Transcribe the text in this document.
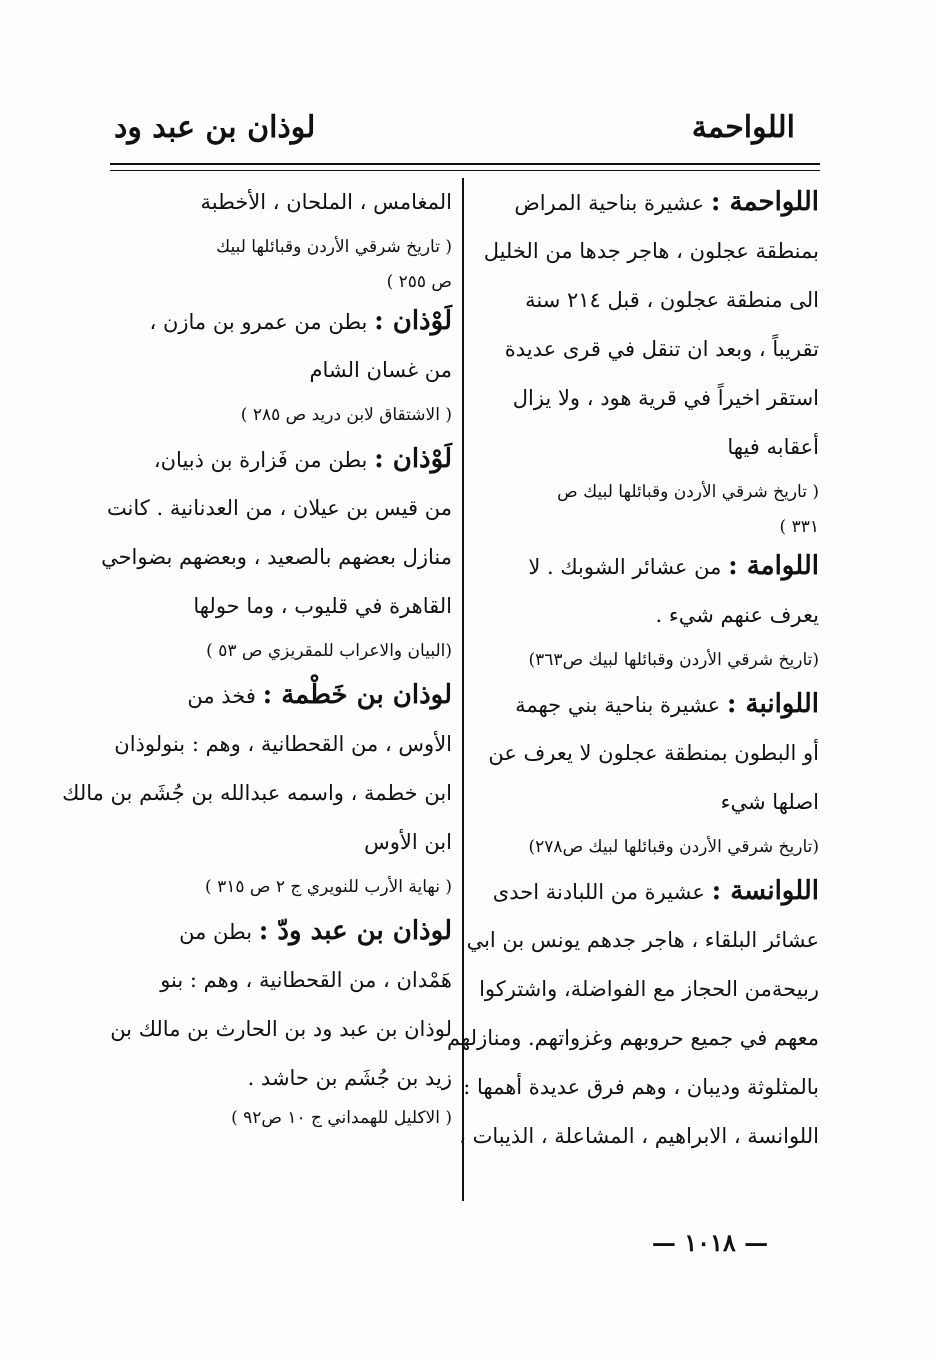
اللواحمة
لوذان بن عبد ود
اللواحمة : عشيرة بناحية المراض
بمنطقة عجلون ، هاجر جدها من الخليل
الى منطقة عجلون ، قبل ٢١٤ سنة
تقريباً ، وبعد ان تنقل في قرى عديدة
استقر اخيراً في قرية هود ، ولا يزال
أعقابه فيها
( تاريخ شرقي الأردن وقبائلها لبيك ص
٣٣١ )
اللوامة : من عشائر الشوبك . لا
يعرف عنهم شيء .
(تاريخ شرقي الأردن وقبائلها لبيك ص٣٦٣)
اللوانبة : عشيرة بناحية بني جهمة
أو البطون بمنطقة عجلون لا يعرف عن
اصلها شيء
(تاريخ شرقي الأردن وقبائلها لبيك ص٢٧٨)
اللوانسة : عشيرة من اللبادنة احدى
عشائر البلقاء ، هاجر جدهم يونس بن ابي
ربيحةمن الحجاز مع الفواضلة، واشتركوا
معهم في جميع حروبهم وغزواتهم. ومنازلهم
بالمثلوثة وديبان ، وهم فرق عديدة أهمها :
اللوانسة ، الابراهيم ، المشاعلة ، الذيبات ،
المغامس ، الملحان ، الأخطبة
( تاريخ شرقي الأردن وقبائلها لبيك
ص ٢٥٥ )
لَوْذان : بطن من عمرو بن مازن ،
من غسان الشام
( الاشتقاق لابن دريد ص ٢٨٥ )
لَوْذان : بطن من فَزارة بن ذبيان،
من قيس بن عيلان ، من العدنانية . كانت
منازل بعضهم بالصعيد ، وبعضهم بضواحي
القاهرة في قليوب ، وما حولها
(البيان والاعراب للمقريزي ص ٥٣ )
لوذان بن خَطْمة : فخذ من
الأوس ، من القحطانية ، وهم : بنولوذان
ابن خطمة ، واسمه عبدالله بن جُشَم بن مالك
ابن الأوس
( نهاية الأرب للنويري ج ٢ ص ٣١٥ )
لوذان بن عبد ودّ : بطن من
هَمْدان ، من القحطانية ، وهم : بنو
لوذان بن عبد ود بن الحارث بن مالك بن
زيد بن جُشَم بن حاشد .
( الاكليل للهمداني ج ١٠ ص٩٢ )
— ١٠١٨ —
